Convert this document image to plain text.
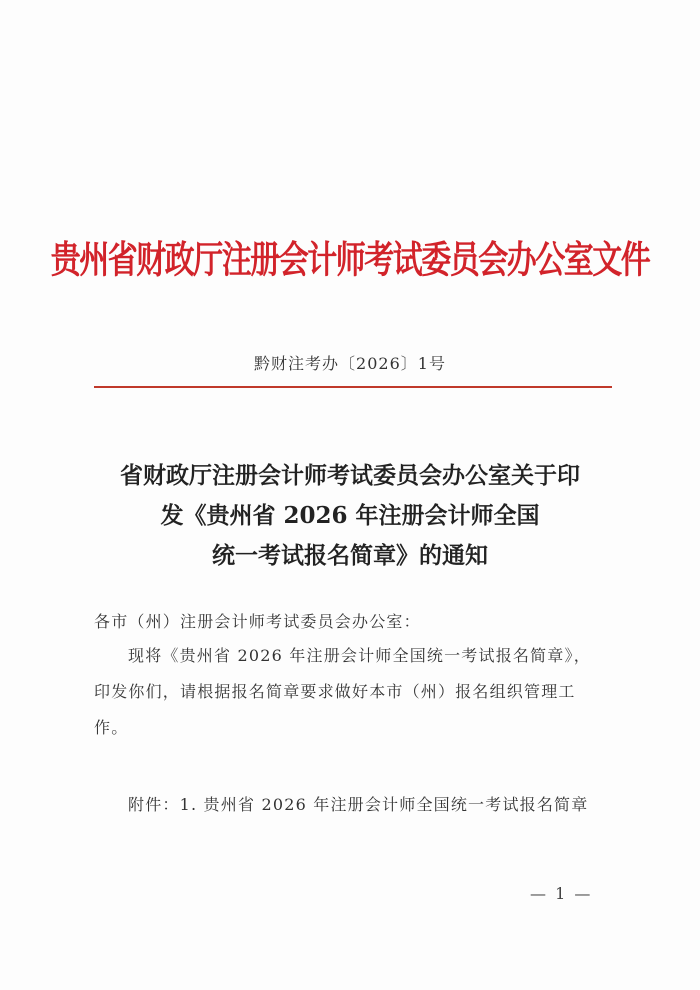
贵州省财政厅注册会计师考试委员会办公室文件
黔财注考办〔2026〕1号
省财政厅注册会计师考试委员会办公室关于印
发《贵州省 2026 年注册会计师全国
统一考试报名简章》的通知
各市（州）注册会计师考试委员会办公室：
现将《贵州省 2026 年注册会计师全国统一考试报名简章》，
印发你们，请根据报名简章要求做好本市（州）报名组织管理工
作。
附件：1. 贵州省 2026 年注册会计师全国统一考试报名简章
— 1 —
